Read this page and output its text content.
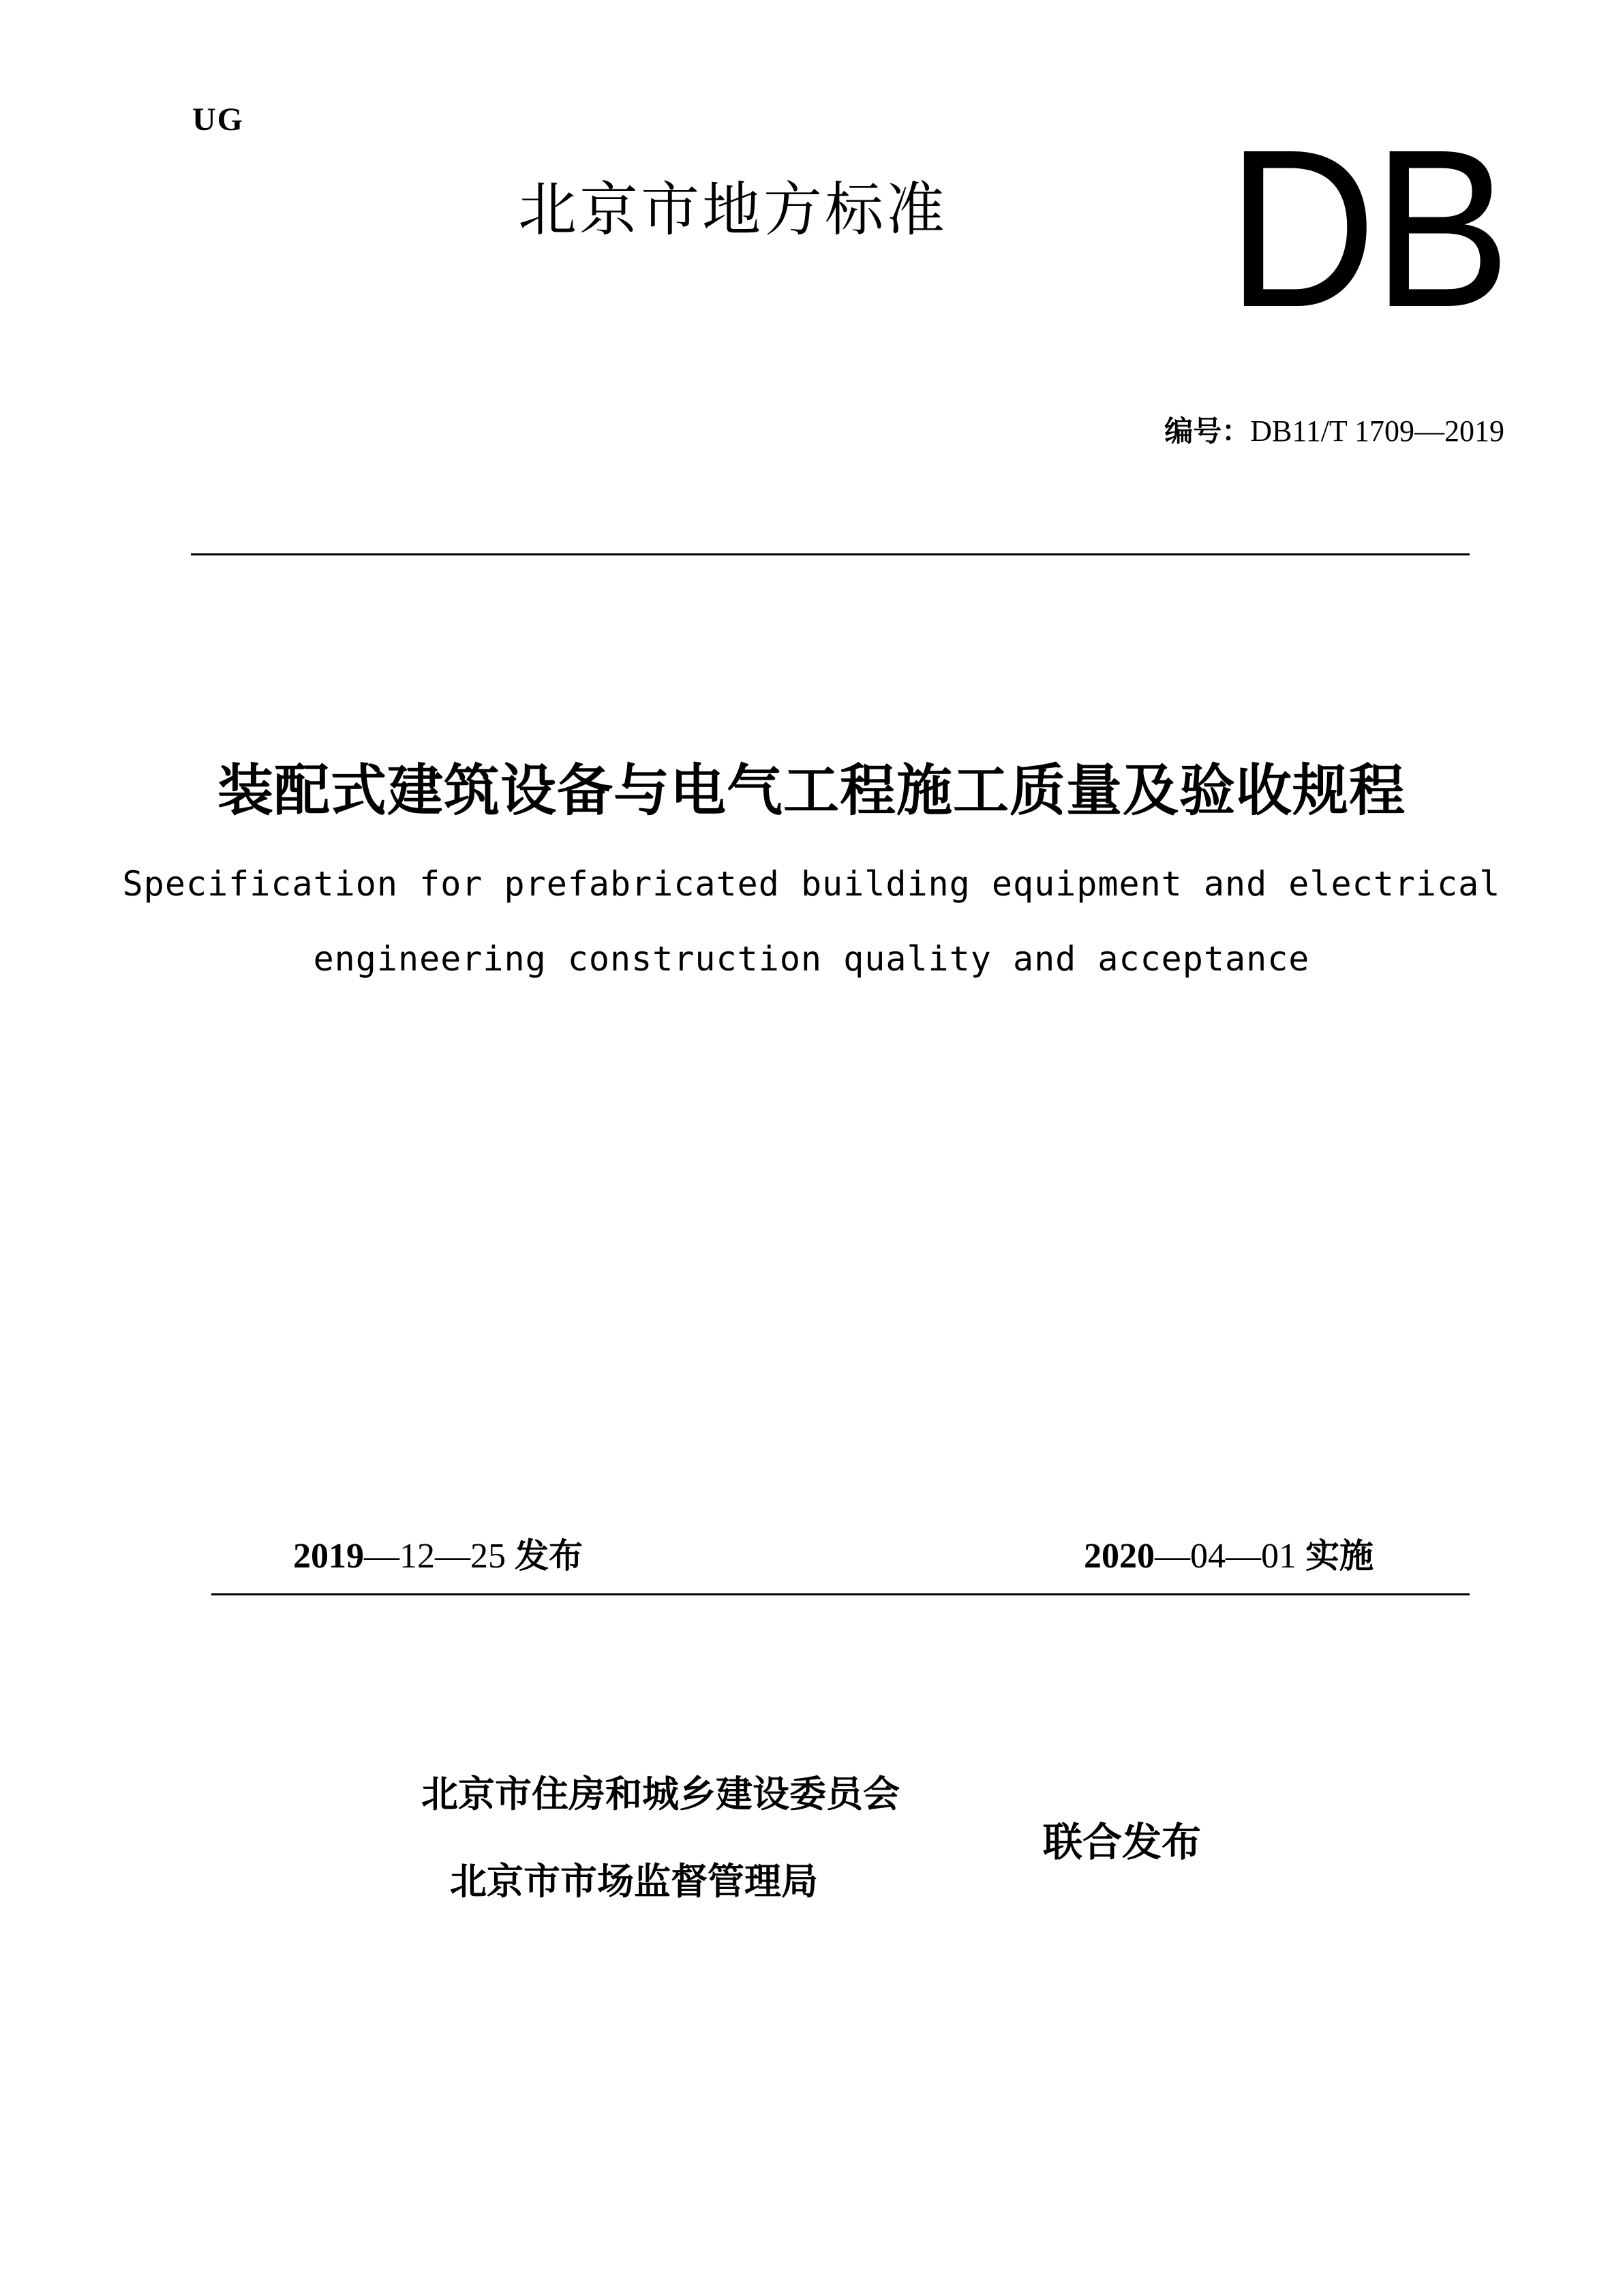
UG
北京市地方标准 DB
编号：DB11/T 1709—2019
装配式建筑设备与电气工程施工质量及验收规程
Specification for prefabricated building equipment and electrical
engineering construction quality and acceptance
2019—12—25 发布	2020—04—01 实施
北京市住房和城乡建设委员会
北京市市场监督管理局
联合发布
